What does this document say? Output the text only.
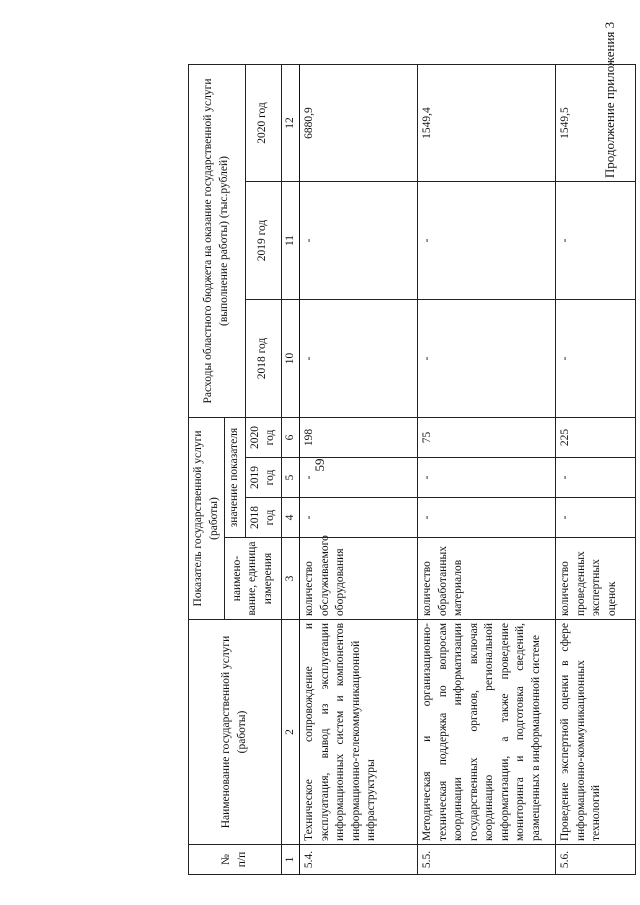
59
Продолжение приложения 3
№ п/п	Наименование государственной услуги (работы)	Показатель государственной услуги (работы)				Расходы областного бюджета на оказание государственной услуги (выполнение работы) (тыс.рублей)		
		наимено- вание, единица измерения	значение показателя					
			2018 год	2019 год	2020 год	2018 год	2019 год	2020 год
1	2	3	4	5	6	10	11	12
5.4.	Техническое сопровождение и эксплуатация, вывод из эксплуатации информационных систем и компонентов информационно-телекоммуникационной инфраструктуры	количество обслуживаемого оборудования	-	-	198	-	-	6880,9
5.5.	Методическая и организационно-техническая поддержка по вопросам координации информатизации государственных органов, включая координацию региональной информатизации, а также проведение мониторинга и подготовка сведений, размещенных в информационной системе	количество обработанных материалов	-	-	75	-	-	1549,4
5.6.	Проведение экспертной оценки в сфере информационно-коммуникационных технологий	количество проведенных экспертных оценок	-	-	225	-	-	1549,5
